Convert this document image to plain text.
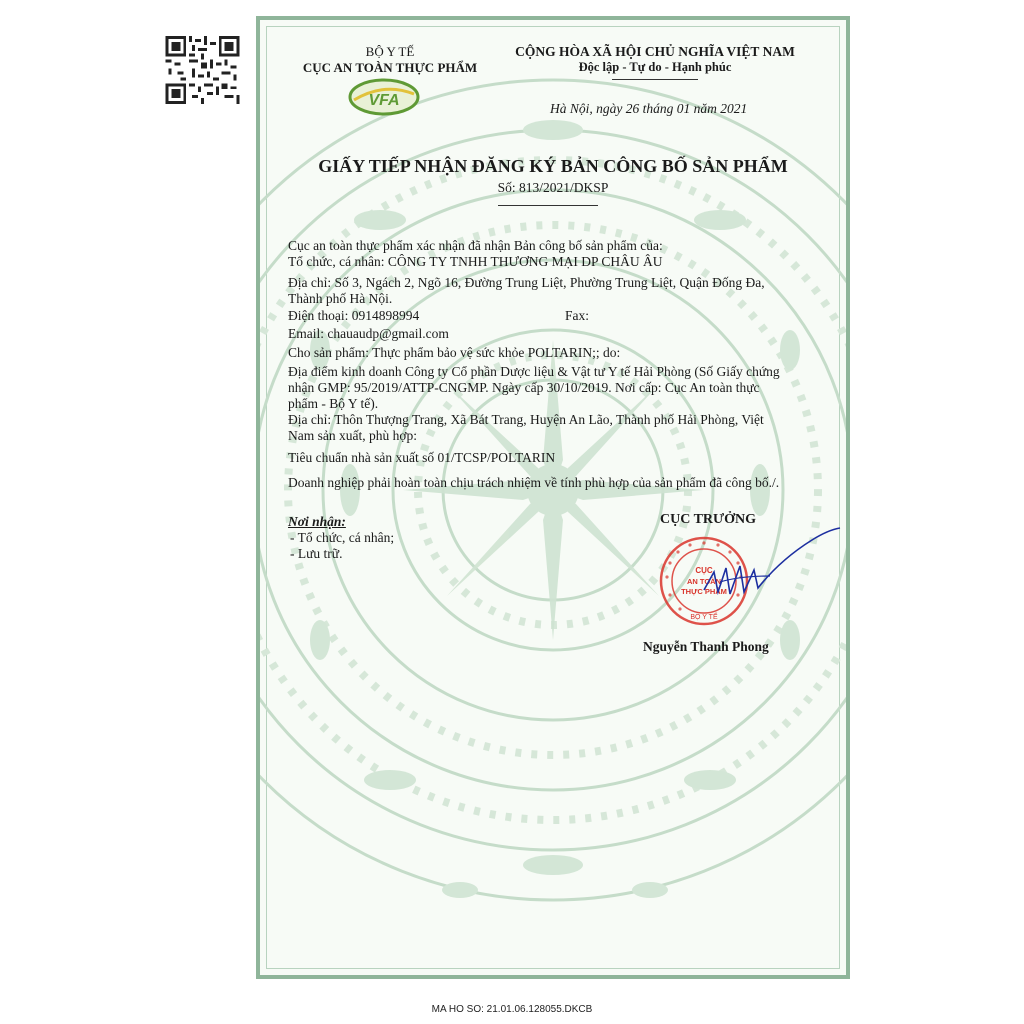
BỘ Y TẾ
CỤC AN TOÀN THỰC PHẨM
VFA
CỘNG HÒA XÃ HỘI CHỦ NGHĨA VIỆT NAM
Độc lập - Tự do - Hạnh phúc
Hà Nội, ngày 26 tháng 01 năm 2021
GIẤY TIẾP NHẬN ĐĂNG KÝ BẢN CÔNG BỐ SẢN PHẨM
Số: 813/2021/DKSP
Cục an toàn thực phẩm xác nhận đã nhận Bản công bố sản phẩm của:
Tổ chức, cá nhân: CÔNG TY TNHH THƯƠNG MẠI DP CHÂU ÂU
Địa chỉ: Số 3, Ngách 2, Ngõ 16, Đường Trung Liệt, Phường Trung Liệt, Quận Đống Đa,
Thành phố Hà Nội.
Điện thoại: 0914898994	Fax:
Email: chauaudp@gmail.com
Cho sản phẩm: Thực phẩm bảo vệ sức khỏe POLTARIN;; do:
Địa điểm kinh doanh Công ty Cổ phần Dược liệu & Vật tư Y tế Hải Phòng (Số Giấy chứng
nhận GMP: 95/2019/ATTP-CNGMP. Ngày cấp 30/10/2019. Nơi cấp: Cục An toàn thực
phẩm - Bộ Y tế).
Địa chỉ: Thôn Thượng Trang, Xã Bát Trang, Huyện An Lão, Thành phố Hải Phòng, Việt
Nam sản xuất, phù hợp:
Tiêu chuẩn nhà sản xuất số 01/TCSP/POLTARIN
Doanh nghiệp phải hoàn toàn chịu trách nhiệm về tính phù hợp của sản phẩm đã công bố./.
Nơi nhận:
- Tổ chức, cá nhân;
- Lưu trữ.
CỤC TRƯỞNG
BỘ Y TẾ
CỤC
AN TOÀN
THỰC PHẨM
Nguyễn Thanh Phong
MA HO SO: 21.01.06.128055.DKCB
